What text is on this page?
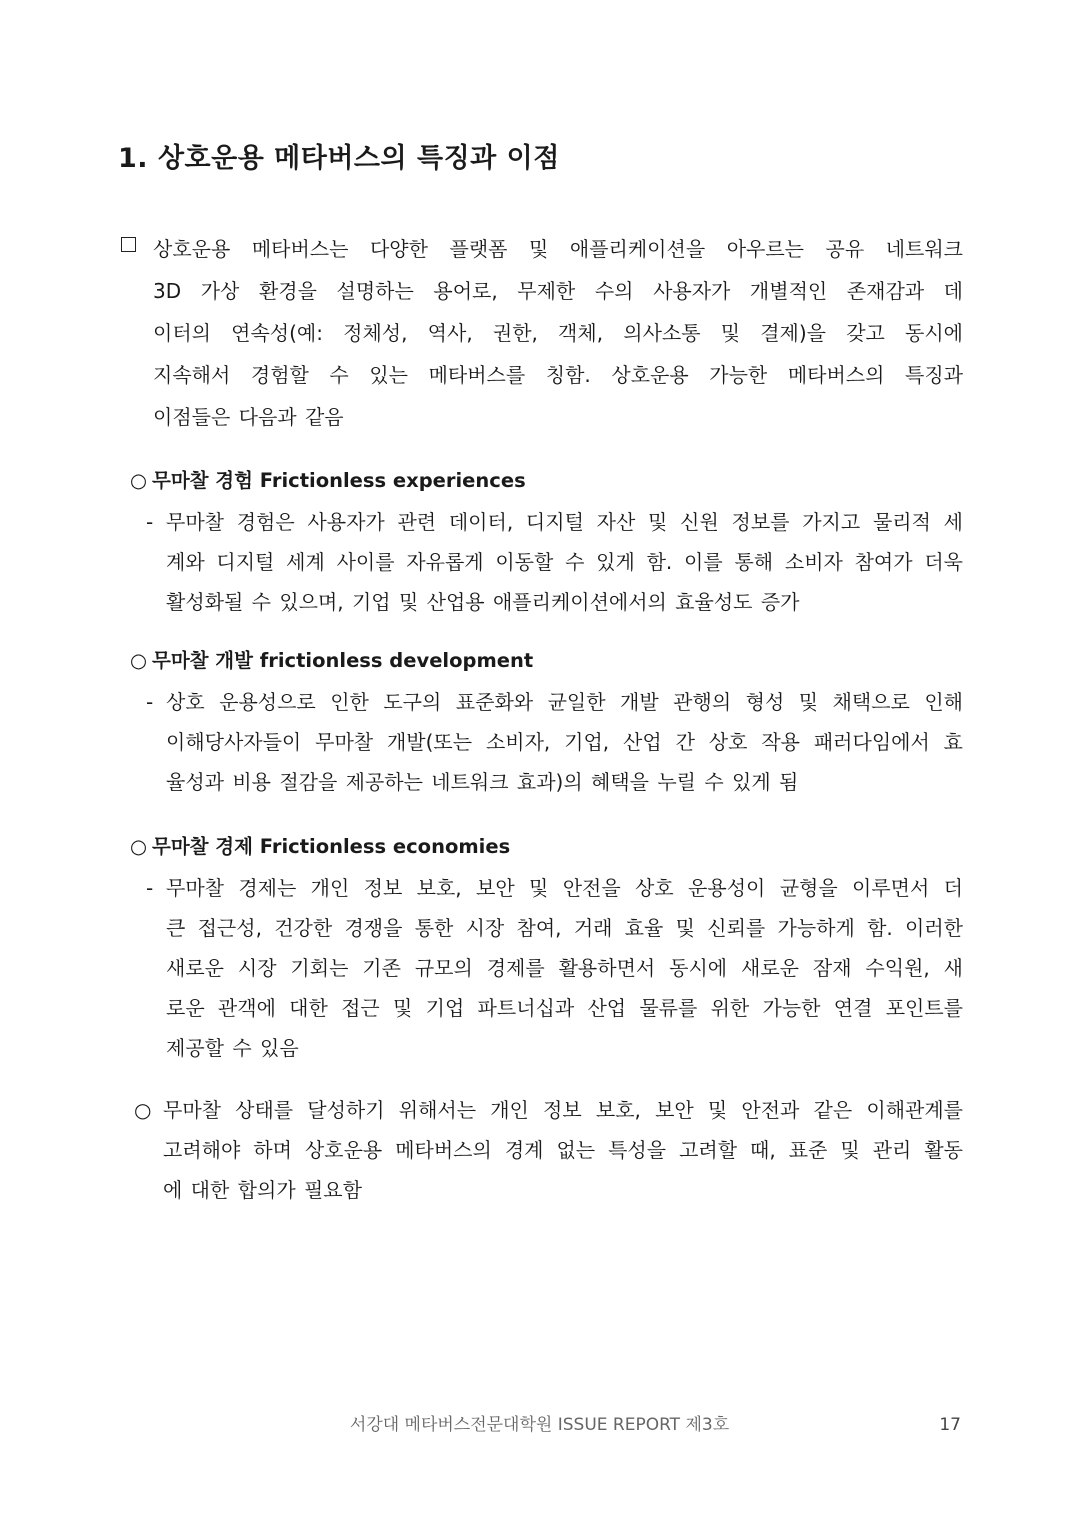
1. 상호운용 메타버스의 특징과 이점
상호운용 메타버스는 다양한 플랫폼 및 애플리케이션을 아우르는 공유 네트워크
3D 가상 환경을 설명하는 용어로, 무제한 수의 사용자가 개별적인 존재감과 데
이터의 연속성(예: 정체성, 역사, 권한, 객체, 의사소통 및 결제)을 갖고 동시에
지속해서 경험할 수 있는 메타버스를 칭함. 상호운용 가능한 메타버스의 특징과
이점들은 다음과 같음
○ 무마찰 경험 Frictionless experiences
- 무마찰 경험은 사용자가 관련 데이터, 디지털 자산 및 신원 정보를 가지고 물리적 세
계와 디지털 세계 사이를 자유롭게 이동할 수 있게 함. 이를 통해 소비자 참여가 더욱
활성화될 수 있으며, 기업 및 산업용 애플리케이션에서의 효율성도 증가
○ 무마찰 개발 frictionless development
- 상호 운용성으로 인한 도구의 표준화와 균일한 개발 관행의 형성 및 채택으로 인해
이해당사자들이 무마찰 개발(또는 소비자, 기업, 산업 간 상호 작용 패러다임에서 효
율성과 비용 절감을 제공하는 네트워크 효과)의 혜택을 누릴 수 있게 됨
○ 무마찰 경제 Frictionless economies
- 무마찰 경제는 개인 정보 보호, 보안 및 안전을 상호 운용성이 균형을 이루면서 더
큰 접근성, 건강한 경쟁을 통한 시장 참여, 거래 효율 및 신뢰를 가능하게 함. 이러한
새로운 시장 기회는 기존 규모의 경제를 활용하면서 동시에 새로운 잠재 수익원, 새
로운 관객에 대한 접근 및 기업 파트너십과 산업 물류를 위한 가능한 연결 포인트를
제공할 수 있음
○ 무마찰 상태를 달성하기 위해서는 개인 정보 보호, 보안 및 안전과 같은 이해관계를
고려해야 하며 상호운용 메타버스의 경계 없는 특성을 고려할 때, 표준 및 관리 활동
에 대한 합의가 필요함
서강대 메타버스전문대학원 ISSUE REPORT 제3호	17
